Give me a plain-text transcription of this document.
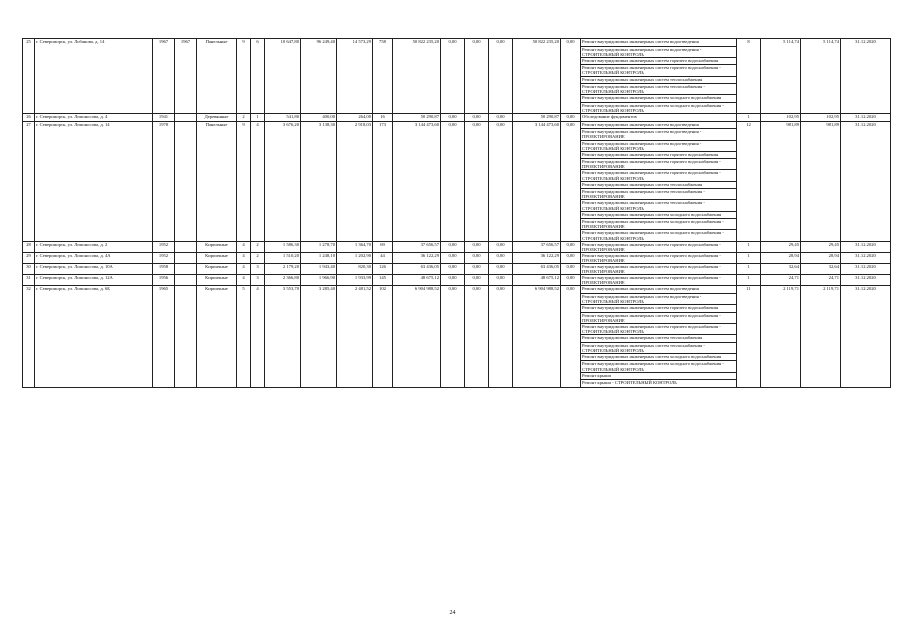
25	г. Североморск, ул. Лобанова, д. 14	1967	1967	Панельные	9	6	10 647,80	96 249,40	14 573,29	758	50 822 235,20	0,00	0,00	0,00	50 822 235,20	0,00	Ремонт внутридомовых инженерных систем водоотведения	8	5 114,74	5 114,74	31.12.2020
																	Ремонт внутридомовых инженерных систем водоотведения - СТРОИТЕЛЬНЫЙ КОНТРОЛЬ				
																	Ремонт внутридомовых инженерных систем горячего водоснабжения				
																	Ремонт внутридомовых инженерных систем горячего водоснабжения - СТРОИТЕЛЬНЫЙ КОНТРОЛЬ				
																	Ремонт внутридомовых инженерных систем теплоснабжения				
																	Ремонт внутридомовых инженерных систем теплоснабжения - СТРОИТЕЛЬНЫЙ КОНТРОЛЬ				
																	Ремонт внутридомовых инженерных систем холодного водоснабжения				
																	Ремонт внутридомовых инженерных систем холодного водоснабжения - СТРОИТЕЛЬНЫЙ КОНТРОЛЬ				
26	г. Североморск, ул. Ломоносова, д. 4	1941		Деревянные	2	1	541,80	400,00	264,00	16	50 290,87	0,00	0,00	0,00	50 290,87	0,00	Обследование фундаментов	1	102,95	102,95	31.12.2020
27	г. Североморск, ул. Ломоносова, д. 14	1978		Панельные	9	4	3 676,20	3 138,30	2 918,03	173	3 144 473,60	0,00	0,00	0,00	3 144 473,60	0,00	Ремонт внутридомовых инженерных систем водоотведения	12	981,89	981,89	31.12.2020
																	Ремонт внутридомовых инженерных систем водоотведения - ПРОЕКТИРОВАНИЕ				
																	Ремонт внутридомовых инженерных систем водоотведения - СТРОИТЕЛЬНЫЙ КОНТРОЛЬ				
																	Ремонт внутридомовых инженерных систем горячего водоснабжения				
																	Ремонт внутридомовых инженерных систем горячего водоснабжения - ПРОЕКТИРОВАНИЕ				
																	Ремонт внутридомовых инженерных систем горячего водоснабжения - СТРОИТЕЛЬНЫЙ КОНТРОЛЬ				
																	Ремонт внутридомовых инженерных систем теплоснабжения				
																	Ремонт внутридомовых инженерных систем теплоснабжения - ПРОЕКТИРОВАНИЕ				
																	Ремонт внутридомовых инженерных систем теплоснабжения - СТРОИТЕЛЬНЫЙ КОНТРОЛЬ				
																	Ремонт внутридомовых инженерных систем холодного водоснабжения				
																	Ремонт внутридомовых инженерных систем холодного водоснабжения - ПРОЕКТИРОВАНИЕ				
																	Ремонт внутридомовых инженерных систем холодного водоснабжения - СТРОИТЕЛЬНЫЙ КОНТРОЛЬ				
28	г. Североморск, ул. Ломоносова, д. 2	1952		Кирпичные	4	2	1 586,30	1 278,70	1 364,70	69	37 656,57	0,00	0,00	0,00	37 656,57	0,00	Ремонт внутридомовых инженерных систем горячего водоснабжения - ПРОЕКТИРОВАНИЕ	1	29,45	29,45	31.12.2020
29	г. Североморск, ул. Ломоносова, д. 4А	1952		Кирпичные	4	2	1 510,20	1 248,10	1 202,90	44	36 122,29	0,00	0,00	0,00	36 122,29	0,00	Ремонт внутридомовых инженерных систем горячего водоснабжения - ПРОЕКТИРОВАНИЕ	1	28,94	28,94	31.12.2020
30	г. Североморск, ул. Ломоносова, д. 10А	1958		Кирпичные	4	3	2 179,20	1 943,40	820,30	126	63 436,05	0,00	0,00	0,00	63 436,05	0,00	Ремонт внутридомовых инженерных систем горячего водоснабжения - ПРОЕКТИРОВАНИЕ	1	32,64	32,64	31.12.2020
31	г. Североморск, ул. Ломоносова, д. 12А	1956		Кирпичные	4	3	2 366,80	1 966,90	1 933,99	145	48 675,12	0,00	0,00	0,00	48 675,12	0,00	Ремонт внутридомовых инженерных систем горячего водоснабжения - ПРОЕКТИРОВАНИЕ	1	24,71	24,71	31.12.2020
32	г. Североморск, ул. Ломоносова, д. 6Б	1965		Кирпичные	5	4	3 553,70	3 285,40	2 481,52	102	6 904 988,52	0,00	0,00	0,00	6 904 988,52	0,00	Ремонт внутридомовых инженерных систем водоотведения	11	2 119,71	2 119,71	31.12.2020
																	Ремонт внутридомовых инженерных систем водоотведения - СТРОИТЕЛЬНЫЙ КОНТРОЛЬ				
																	Ремонт внутридомовых инженерных систем горячего водоснабжения				
																	Ремонт внутридомовых инженерных систем горячего водоснабжения - ПРОЕКТИРОВАНИЕ				
																	Ремонт внутридомовых инженерных систем горячего водоснабжения - СТРОИТЕЛЬНЫЙ КОНТРОЛЬ				
																	Ремонт внутридомовых инженерных систем теплоснабжения				
																	Ремонт внутридомовых инженерных систем теплоснабжения - СТРОИТЕЛЬНЫЙ КОНТРОЛЬ				
																	Ремонт внутридомовых инженерных систем холодного водоснабжения				
																	Ремонт внутридомовых инженерных систем холодного водоснабжения - СТРОИТЕЛЬНЫЙ КОНТРОЛЬ				
																	Ремонт крыши				
																	Ремонт крыши - СТРОИТЕЛЬНЫЙ КОНТРОЛЬ				
24
